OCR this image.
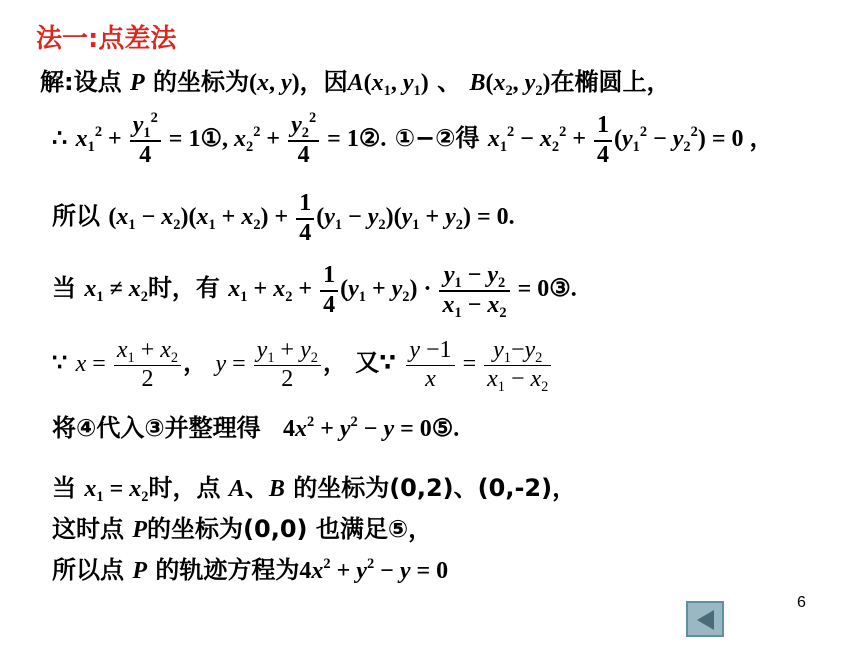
法一:点差法
解:设点 P 的坐标为(x, y)，因$A(x_1$, $y_1$) 、 $B(x_2$, $y_2$)在椭圆上，
∴ $x_1^2 + \frac{y_1^2}{4}$ = 1①, $x_2^2 + \frac{y_2^2}{4}$ = 1②. ①−②得 $x_1^2 - x_2^2 + \frac{1}{4} (y_1^2 - y_2^2) = 0$ ，
所以 $(x_1 - x_2)(x_1 + x_2) + \frac{1}{4} (y_1 - y_2)(y_1 + y_2) = 0$.
当 $x_1 \ne x_2$时，有 $x_1 + x_2 + \frac{1}{4} (y_1 + y_2) \cdot \frac{y_1 - y_2}{x_1 - x_2}$ = 0③.
∵ $x = \frac{x_1 + x_2}{2}$ ， $y = \frac{y_1 + y_2}{2}$ ， 又∵ $\frac{y -1}{x} = \frac{y_1-y_2}{x_1 - x_2}$
将④代入③并整理得 $4x^2 + y^2 - y$ = 0⑤.
当 $x_1 = x_2$时，点 A、B 的坐标为(0,2)、(0,-2)，
这时点 P的坐标为(0,0) 也满足⑤，
所以点 P 的轨迹方程为$4x^2 + y^2 - y = 0$
6
